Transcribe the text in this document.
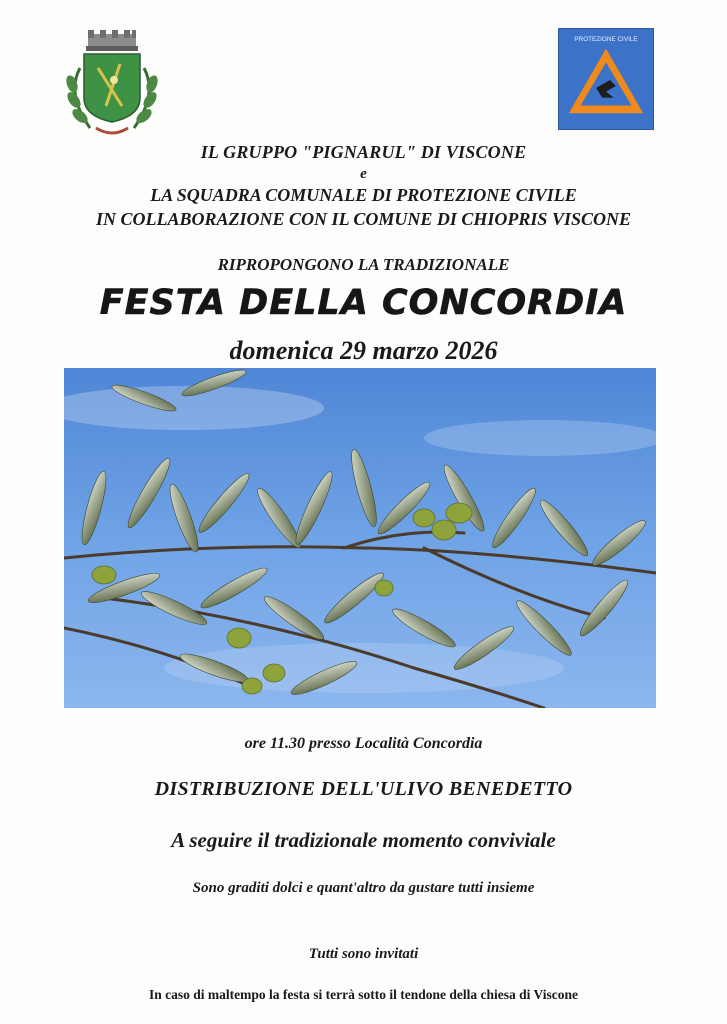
PROTEZIONE CIVILE
IL GRUPPO "PIGNARUL" DI VISCONE
e
LA SQUADRA COMUNALE DI PROTEZIONE CIVILE
IN COLLABORAZIONE CON IL COMUNE DI CHIOPRIS VISCONE
RIPROPONGONO LA TRADIZIONALE
FESTA DELLA CONCORDIA
domenica 29 marzo 2026
ore 11.30 presso Località Concordia
DISTRIBUZIONE DELL'ULIVO BENEDETTO
A seguire il tradizionale momento conviviale
Sono graditi dolci e quant'altro da gustare tutti insieme
Tutti sono invitati
In caso di maltempo la festa si terrà sotto il tendone della chiesa di Viscone
